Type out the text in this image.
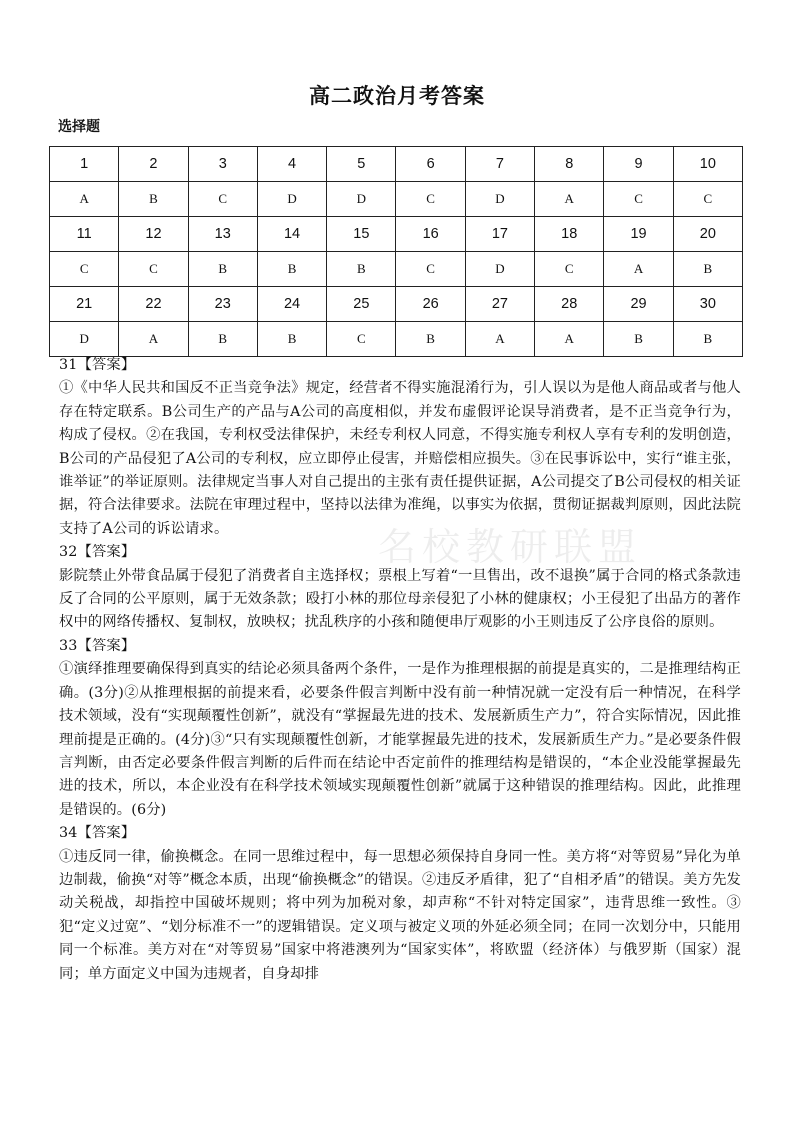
高二政治月考答案
选择题
1	2	3	4	5	6	7	8	9	10
A	B	C	D	D	C	D	A	C	C
11	12	13	14	15	16	17	18	19	20
C	C	B	B	B	C	D	C	A	B
21	22	23	24	25	26	27	28	29	30
D	A	B	B	C	B	A	A	B	B
31【答案】

①《中华人民共和国反不正当竞争法》规定，经营者不得实施混淆行为，引人误以为是他人商品或者与他人存在特定联系。B公司生产的产品与A公司的高度相似，并发布虚假评论误导消费者，是不正当竞争行为，构成了侵权。②在我国，专利权受法律保护，未经专利权人同意，不得实施专利权人享有专利的发明创造，B公司的产品侵犯了A公司的专利权，应立即停止侵害，并赔偿相应损失。③在民事诉讼中，实行“谁主张，谁举证”的举证原则。法律规定当事人对自己提出的主张有责任提供证据，A公司提交了B公司侵权的相关证据，符合法律要求。法院在审理过程中，坚持以法律为准绳，以事实为依据，贯彻证据裁判原则，因此法院支持了A公司的诉讼请求。

32【答案】

影院禁止外带食品属于侵犯了消费者自主选择权；票根上写着“一旦售出，改不退换”属于合同的格式条款违反了合同的公平原则，属于无效条款；殴打小林的那位母亲侵犯了小林的健康权；小王侵犯了出品方的著作权中的网络传播权、复制权，放映权；扰乱秩序的小孩和随便串厅观影的小王则违反了公序良俗的原则。

33【答案】

①演绎推理要确保得到真实的结论必须具备两个条件，一是作为推理根据的前提是真实的，二是推理结构正确。(3分)②从推理根据的前提来看，必要条件假言判断中没有前一种情况就一定没有后一种情况，在科学技术领域，没有“实现颠覆性创新”，就没有“掌握最先进的技术、发展新质生产力”，符合实际情况，因此推理前提是正确的。(4分)③“只有实现颠覆性创新，才能掌握最先进的技术，发展新质生产力。”是必要条件假言判断，由否定必要条件假言判断的后件而在结论中否定前件的推理结构是错误的，“本企业没能掌握最先进的技术，所以，本企业没有在科学技术领域实现颠覆性创新”就属于这种错误的推理结构。因此，此推理是错误的。(6分)

34【答案】

①违反同一律，偷换概念。在同一思维过程中，每一思想必须保持自身同一性。美方将“对等贸易”异化为单边制裁，偷换“对等”概念本质，出现“偷换概念”的错误。②违反矛盾律，犯了“自相矛盾”的错误。美方先发动关税战，却指控中国破坏规则；将中列为加税对象，却声称“不针对特定国家”，违背思维一致性。③犯“定义过宽”、“划分标准不一”的逻辑错误。定义项与被定义项的外延必须全同；在同一次划分中，只能用同一个标准。美方对在“对等贸易”国家中将港澳列为“国家实体”，将欧盟（经济体）与俄罗斯（国家）混同；单方面定义中国为违规者，自身却排

名校教研联盟
